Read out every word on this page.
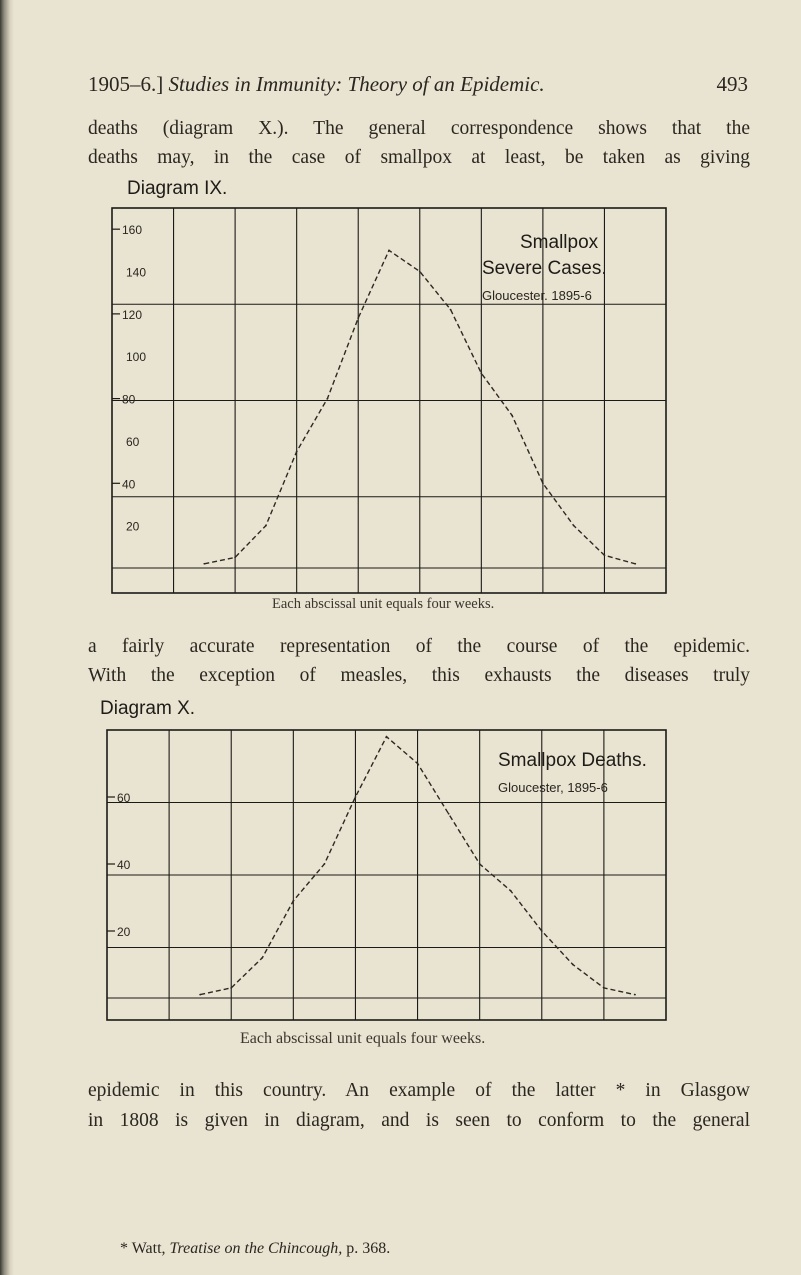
1905–6.] Studies in Immunity: Theory of an Epidemic.	493
deaths (diagram X.). The general correspondence shows that the
deaths may, in the case of smallpox at least, be taken as giving
Diagram IX.
160
140
120
100
80
60
40
20
Smallpox
Severe Cases.
Gloucester. 1895-6
Each abscissal unit equals four weeks.
a fairly accurate representation of the course of the epidemic.
With the exception of measles, this exhausts the diseases truly
Diagram X.
60
40
20
Smallpox Deaths.
Gloucester, 1895-6
Each abscissal unit equals four weeks.
epidemic in this country. An example of the latter * in Glasgow
in 1808 is given in diagram, and is seen to conform to the general
* Watt, Treatise on the Chincough, p. 368.
